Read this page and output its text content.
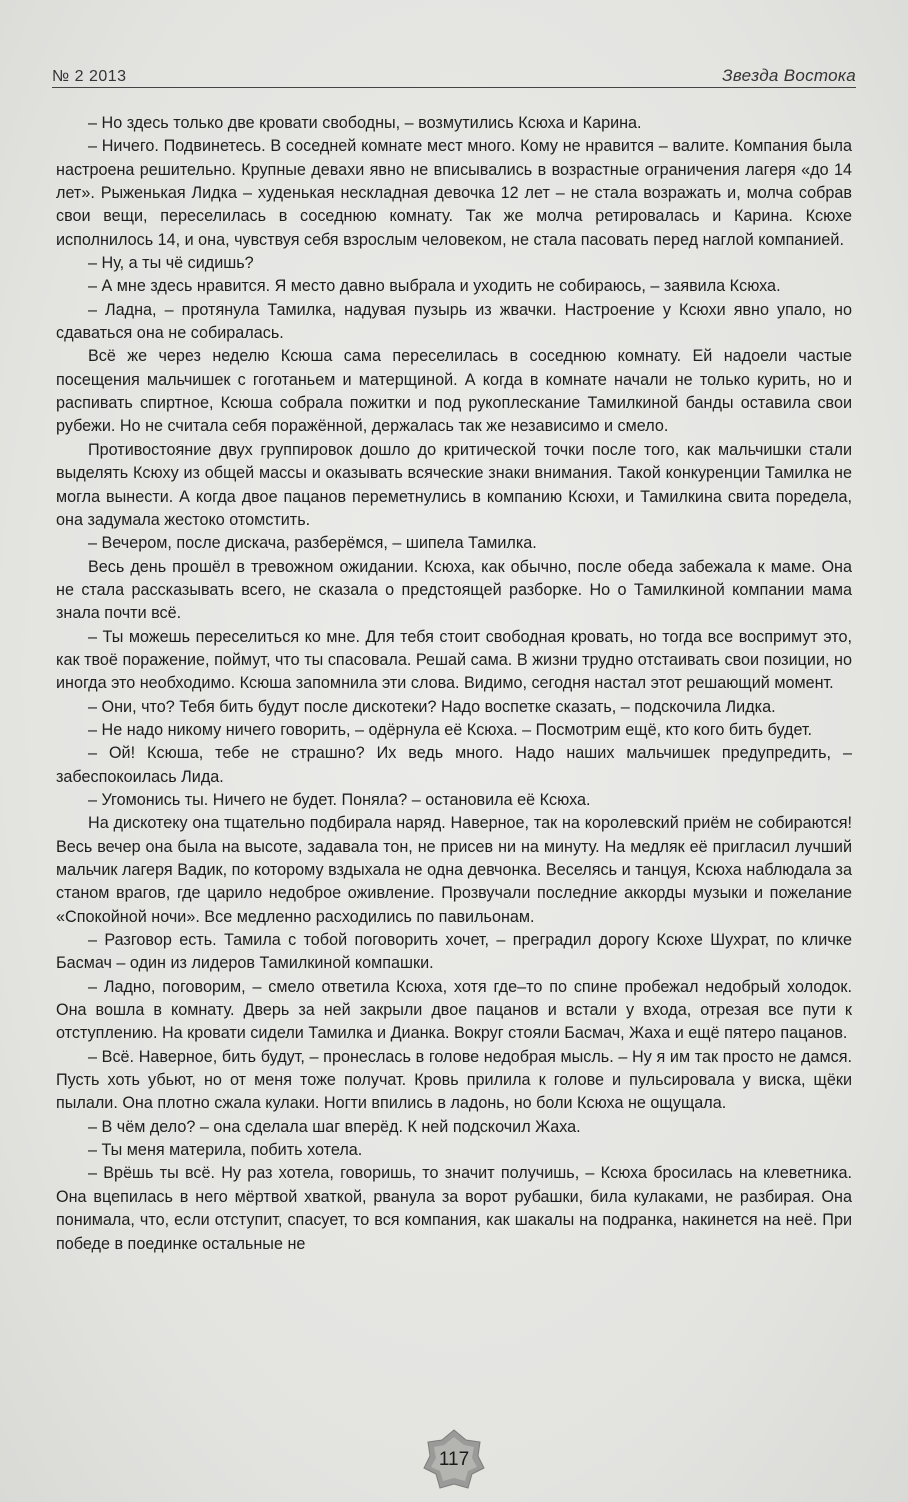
№ 2 2013	Звезда Востока

– Но здесь только две кровати свободны, – возмутились Ксюха и Карина.

– Ничего. Подвинетесь. В соседней комнате мест много. Кому не нравится – валите. Компания была настроена решительно. Крупные девахи явно не вписывались в возрастные ограничения лагеря «до 14 лет». Рыженькая Лидка – худенькая нескладная девочка 12 лет – не стала возражать и, молча собрав свои вещи, переселилась в соседнюю комнату. Так же молча ретировалась и Карина. Ксюхе исполнилось 14, и она, чувствуя себя взрослым человеком, не стала пасовать перед наглой компанией.

– Ну, а ты чё сидишь?

– А мне здесь нравится. Я место давно выбрала и уходить не собираюсь, – заявила Ксюха.

– Ладна, – протянула Тамилка, надувая пузырь из жвачки. Настроение у Ксюхи явно упало, но сдаваться она не собиралась.

Всё же через неделю Ксюша сама переселилась в соседнюю комнату. Ей надоели частые посещения мальчишек с гоготаньем и матерщиной. А когда в комнате начали не только курить, но и распивать спиртное, Ксюша собрала пожитки и под рукоплескание Тамилкиной банды оставила свои рубежи. Но не считала себя поражённой, держалась так же независимо и смело.

Противостояние двух группировок дошло до критической точки после того, как мальчишки стали выделять Ксюху из общей массы и оказывать всяческие знаки внимания. Такой конкуренции Тамилка не могла вынести. А когда двое пацанов переметнулись в компанию Ксюхи, и Тамилкина свита поредела, она задумала жестоко отомстить.

– Вечером, после дискача, разберёмся, – шипела Тамилка.

Весь день прошёл в тревожном ожидании. Ксюха, как обычно, после обеда забежала к маме. Она не стала рассказывать всего, не сказала о предстоящей разборке. Но о Тамилкиной компании мама знала почти всё.

– Ты можешь переселиться ко мне. Для тебя стоит свободная кровать, но тогда все воспримут это, как твоё поражение, поймут, что ты спасовала. Решай сама. В жизни трудно отстаивать свои позиции, но иногда это необходимо. Ксюша запомнила эти слова. Видимо, сегодня настал этот решающий момент.

– Они, что? Тебя бить будут после дискотеки? Надо воспетке сказать, – подскочила Лидка.

– Не надо никому ничего говорить, – одёрнула её Ксюха. – Посмотрим ещё, кто кого бить будет.

– Ой! Ксюша, тебе не страшно? Их ведь много. Надо наших мальчишек предупредить, – забеспокоилась Лида.

– Угомонись ты. Ничего не будет. Поняла? – остановила её Ксюха.

На дискотеку она тщательно подбирала наряд. Наверное, так на королевский приём не собираются! Весь вечер она была на высоте, задавала тон, не присев ни на минуту. На медляк её пригласил лучший мальчик лагеря Вадик, по которому вздыхала не одна девчонка. Веселясь и танцуя, Ксюха наблюдала за станом врагов, где царило недоброе оживление. Прозвучали последние аккорды музыки и пожелание «Спокойной ночи». Все медленно расходились по павильонам.

– Разговор есть. Тамила с тобой поговорить хочет, – преградил дорогу Ксюхе Шухрат, по кличке Басмач – один из лидеров Тамилкиной компашки.

– Ладно, поговорим, – смело ответила Ксюха, хотя где–то по спине пробежал недобрый холодок. Она вошла в комнату. Дверь за ней закрыли двое пацанов и встали у входа, отрезая все пути к отступлению. На кровати сидели Тамилка и Дианка. Вокруг стояли Басмач, Жаха и ещё пятеро пацанов.

– Всё. Наверное, бить будут, – пронеслась в голове недобрая мысль. – Ну я им так просто не дамся. Пусть хоть убьют, но от меня тоже получат. Кровь прилила к голове и пульсировала у виска, щёки пылали. Она плотно сжала кулаки. Ногти впились в ладонь, но боли Ксюха не ощущала.

– В чём дело? – она сделала шаг вперёд. К ней подскочил Жаха.

– Ты меня материла, побить хотела.

– Врёшь ты всё. Ну раз хотела, говоришь, то значит получишь, – Ксюха бросилась на клеветника. Она вцепилась в него мёртвой хваткой, рванула за ворот рубашки, била кулаками, не разбирая. Она понимала, что, если отступит, спасует, то вся компания, как шакалы на подранка, накинется на неё. При победе в поединке остальные не

117
